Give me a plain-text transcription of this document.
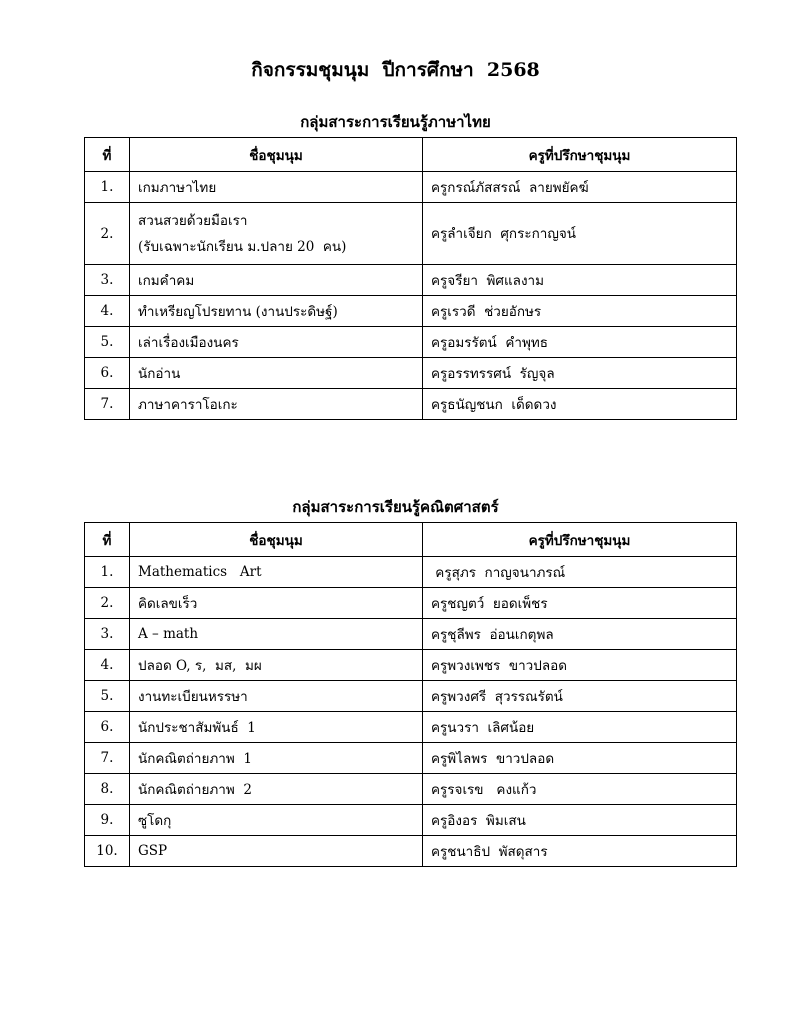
กิจกรรมชุมนุม  ปีการศึกษา  2568
กลุ่มสาระการเรียนรู้ภาษาไทย
ที่	ชื่อชุมนุม	ครูที่ปรึกษาชุมนุม
1.	เกมภาษาไทย	ครูกรณ์ภัสสรณ์  ลายพยัคฆ์
2.	สวนสวยด้วยมือเรา
(รับเฉพาะนักเรียน ม.ปลาย 20  คน)	ครูลำเจียก  ศุกระกาญจน์
3.	เกมคำคม	ครูจรียา  พิศแลงาม
4.	ทำเหรียญโปรยทาน (งานประดิษฐ์)	ครูเรวดี  ช่วยอักษร
5.	เล่าเรื่องเมืองนคร	ครูอมรรัตน์  คำพุทธ
6.	นักอ่าน	ครูอรรทรรศน์  รัญจุล
7.	ภาษาคาราโอเกะ	ครูธนัญชนก  เด็ดดวง
กลุ่มสาระการเรียนรู้คณิตศาสตร์
ที่	ชื่อชุมนุม	ครูที่ปรึกษาชุมนุม
1.	Mathematics   Art	ครูสุภร  กาญจนาภรณ์
2.	คิดเลขเร็ว	ครูชญตว์  ยอดเพ็ชร
3.	A – math	ครูชุลีพร  อ่อนเกตุพล
4.	ปลอด O, ร,  มส,  มผ	ครูพวงเพชร  ขาวปลอด
5.	งานทะเบียนหรรษา	ครูพวงศรี  สุวรรณรัตน์
6.	นักประชาสัมพันธ์  1	ครูนวรา  เลิศน้อย
7.	นักคณิตถ่ายภาพ  1	ครูพิไลพร  ขาวปลอด
8.	นักคณิตถ่ายภาพ  2	ครูรจเรข   คงแก้ว
9.	ซูโดกุ	ครูอิงอร  พิมเสน
10.	GSP	ครูชนาธิป  พัสดุสาร
